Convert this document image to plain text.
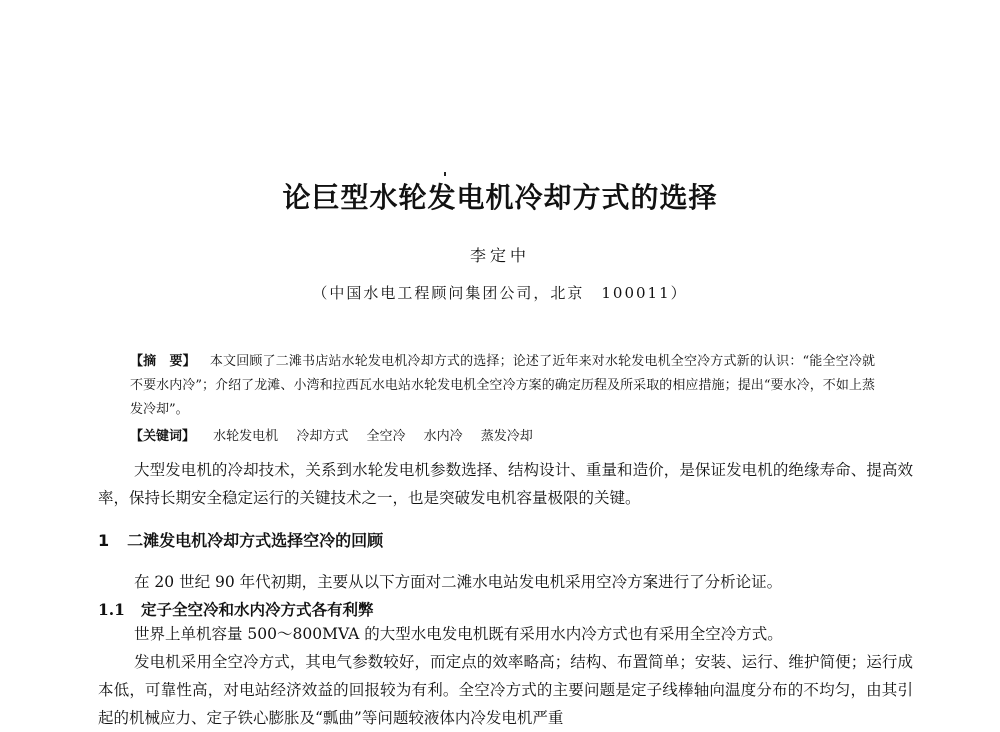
论巨型水轮发电机冷却方式的选择
李定中
（中国水电工程顾问集团公司，北京　100011）
【摘　要】 本文回顾了二滩书店站水轮发电机冷却方式的选择；论述了近年来对水轮发电机全空冷方式新的认识：“能全空冷就不要水内冷”；介绍了龙滩、小湾和拉西瓦水电站水轮发电机全空冷方案的确定历程及所采取的相应措施；提出“要水冷，不如上蒸发冷却”。
【关键词】 水轮发电机 冷却方式 全空冷 水内冷 蒸发冷却
大型发电机的冷却技术，关系到水轮发电机参数选择、结构设计、重量和造价，是保证发电机的绝缘寿命、提高效率，保持长期安全稳定运行的关键技术之一，也是突破发电机容量极限的关键。
1 二滩发电机冷却方式选择空冷的回顾
在 20 世纪 90 年代初期，主要从以下方面对二滩水电站发电机采用空冷方案进行了分析论证。
1.1 定子全空冷和水内冷方式各有利弊
世界上单机容量 500～800MVA 的大型水电发电机既有采用水内冷方式也有采用全空冷方式。
发电机采用全空冷方式，其电气参数较好，而定点的效率略高；结构、布置简单；安装、运行、维护简便；运行成本低，可靠性高，对电站经济效益的回报较为有利。全空冷方式的主要问题是定子线棒轴向温度分布的不均匀，由其引起的机械应力、定子铁心膨胀及“瓢曲”等问题较液体内冷发电机严重
